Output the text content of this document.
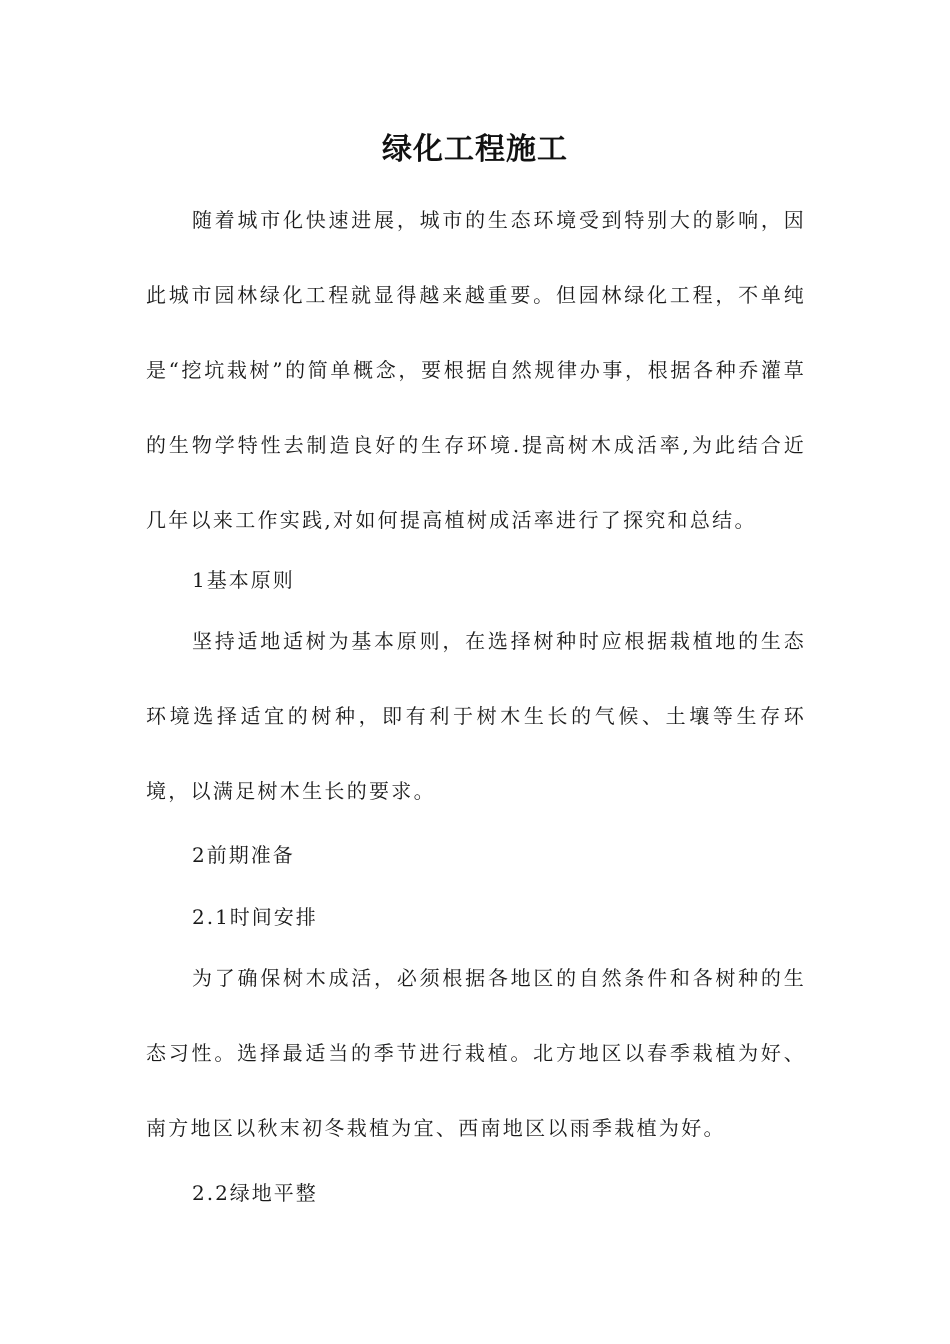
绿化工程施工

随着城市化快速进展，城市的生态环境受到特别大的影响，因此城市园林绿化工程就显得越来越重要。但园林绿化工程，不单纯是“挖坑栽树”的简单概念，要根据自然规律办事，根据各种乔灌草的生物学特性去制造良好的生存环境.提高树木成活率,为此结合近几年以来工作实践,对如何提高植树成活率进行了探究和总结。

1基本原则

坚持适地适树为基本原则，在选择树种时应根据栽植地的生态环境选择适宜的树种，即有利于树木生长的气候、土壤等生存环境，以满足树木生长的要求。

2前期准备

2.1时间安排

为了确保树木成活，必须根据各地区的自然条件和各树种的生态习性。选择最适当的季节进行栽植。北方地区以春季栽植为好、南方地区以秋末初冬栽植为宜、西南地区以雨季栽植为好。

2.2绿地平整
